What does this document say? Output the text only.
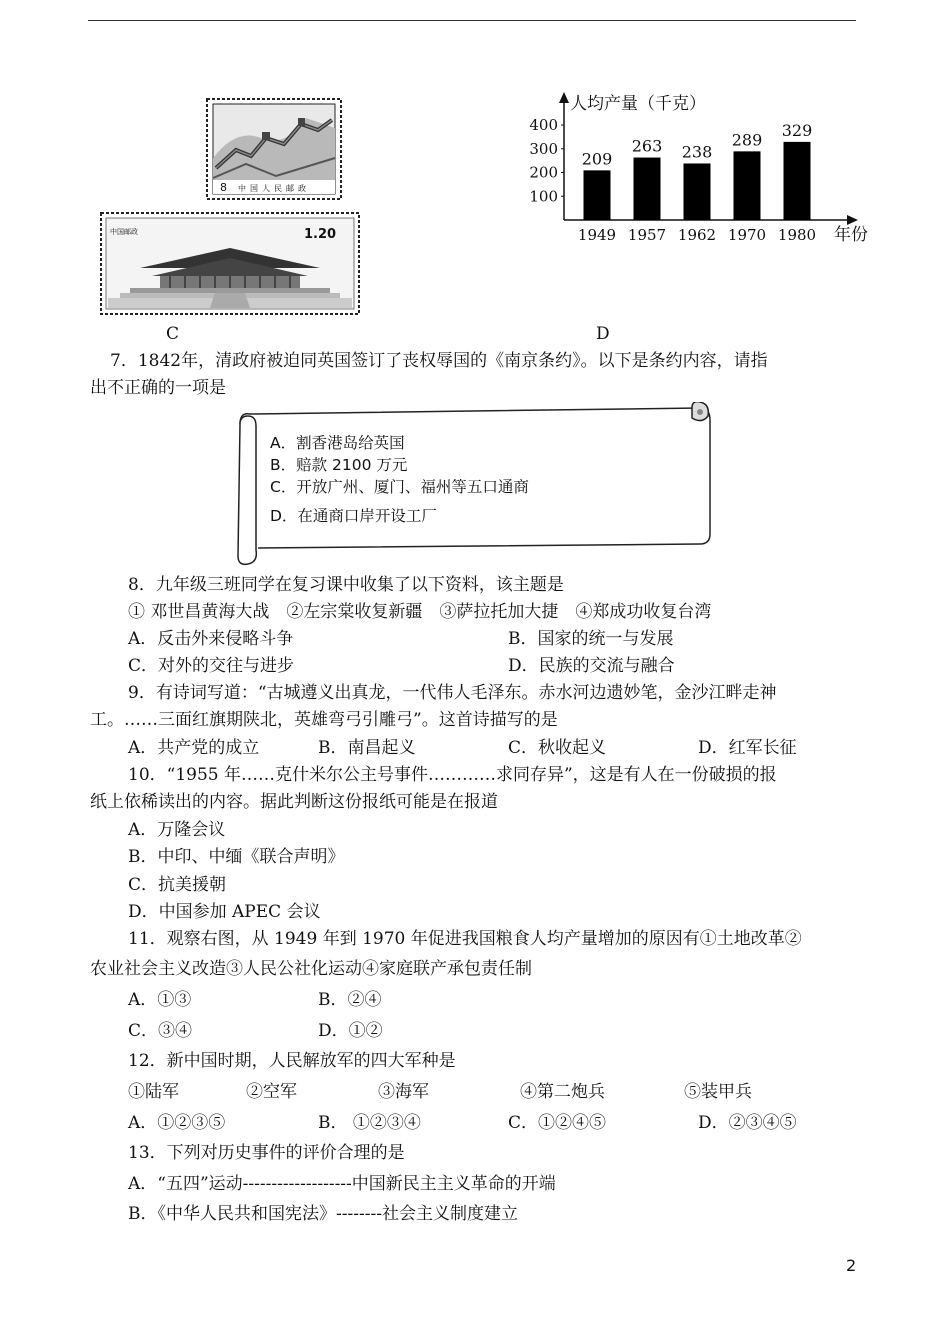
8 中国人民邮政
中国邮政	1.20
C	D
人均产量（千克）
年份
100
200
300
400
209
1949
263
1957
238
1962
289
1970
329
1980
7．1842年，清政府被迫同英国签订了丧权辱国的《南京条约》。以下是条约内容，请指
出不正确的一项是
A．割香港岛给英国
B．赔款 2100 万元
C．开放广州、厦门、福州等五口通商
D．在通商口岸开设工厂
8．九年级三班同学在复习课中收集了以下资料，该主题是
① 邓世昌黄海大战　②左宗棠收复新疆　③萨拉托加大捷　④郑成功收复台湾
A．反击外来侵略斗争	B．国家的统一与发展
C．对外的交往与进步	D．民族的交流与融合
9．有诗词写道：“古城遵义出真龙，一代伟人毛泽东。赤水河边遗妙笔，金沙江畔走神
工。……三面红旗期陕北，英雄弯弓引雕弓”。这首诗描写的是
A．共产党的成立	B．南昌起义	C．秋收起义	D．红军长征
10．“1955 年……克什米尔公主号事件…………求同存异”，这是有人在一份破损的报
纸上依稀读出的内容。据此判断这份报纸可能是在报道
A．万隆会议
B．中印、中缅《联合声明》
C．抗美援朝
D．中国参加 APEC 会议
11．观察右图，从 1949 年到 1970 年促进我国粮食人均产量增加的原因有①土地改革②
农业社会主义改造③人民公社化运动④家庭联产承包责任制
A．①③	B．②④
C．③④	D．①②
12．新中国时期，人民解放军的四大军种是
①陆军	②空军	③海军	④第二炮兵	⑤装甲兵
A．①②③⑤	B． ①②③④	C．①②④⑤	D．②③④⑤
13．下列对历史事件的评价合理的是
A．“五四”运动-------------------中国新民主主义革命的开端
B．《中华人民共和国宪法》--------社会主义制度建立
2
